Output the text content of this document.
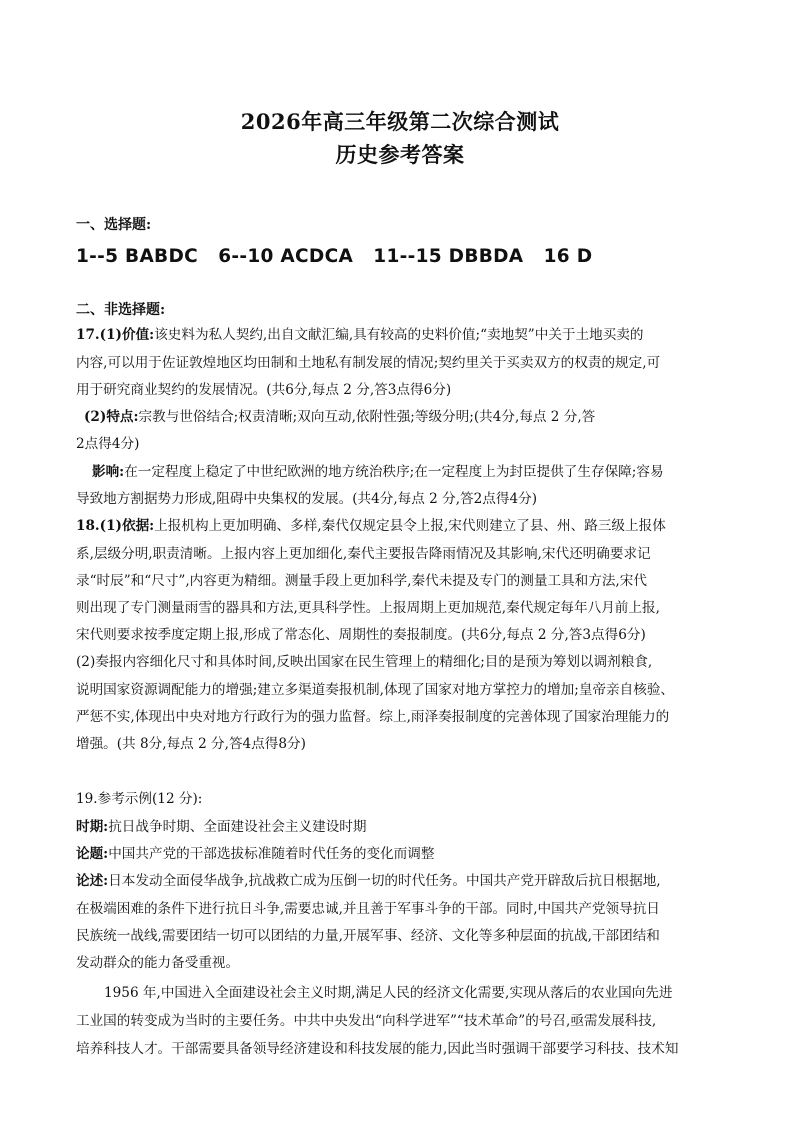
2026年高三年级第二次综合测试
历史参考答案
一、选择题:
1--5 BABDC   6--10 ACDCA   11--15 DBBDA   16 D
二、非选择题:
17.(1)价值:该史料为私人契约,出自文献汇编,具有较高的史料价值;“卖地契”中关于土地买卖的
内容,可以用于佐证敦煌地区均田制和土地私有制发展的情况;契约里关于买卖双方的权责的规定,可
用于研究商业契约的发展情况。(共6分,每点 2 分,答3点得6分)
(2)特点:宗教与世俗结合;权责清晰;双向互动,依附性强;等级分明;(共4分,每点 2 分,答
2点得4分)
影响:在一定程度上稳定了中世纪欧洲的地方统治秩序;在一定程度上为封臣提供了生存保障;容易
导致地方割据势力形成,阻碍中央集权的发展。(共4分,每点 2 分,答2点得4分)
18.(1)依据:上报机构上更加明确、多样,秦代仅规定县令上报,宋代则建立了县、州、路三级上报体
系,层级分明,职责清晰。上报内容上更加细化,秦代主要报告降雨情况及其影响,宋代还明确要求记
录“时辰”和“尺寸”,内容更为精细。测量手段上更加科学,秦代未提及专门的测量工具和方法,宋代
则出现了专门测量雨雪的器具和方法,更具科学性。上报周期上更加规范,秦代规定每年八月前上报,
宋代则要求按季度定期上报,形成了常态化、周期性的奏报制度。(共6分,每点 2 分,答3点得6分)
(2)奏报内容细化尺寸和具体时间,反映出国家在民生管理上的精细化;目的是预为筹划以调剂粮食,
说明国家资源调配能力的增强;建立多渠道奏报机制,体现了国家对地方掌控力的增加;皇帝亲自核验、
严惩不实,体现出中央对地方行政行为的强力监督。综上,雨泽奏报制度的完善体现了国家治理能力的
增强。(共 8分,每点 2 分,答4点得8分)
19.参考示例(12 分):
时期:抗日战争时期、全面建设社会主义建设时期
论题:中国共产党的干部选拔标准随着时代任务的变化而调整
论述:日本发动全面侵华战争,抗战救亡成为压倒一切的时代任务。中国共产党开辟敌后抗日根据地,
在极端困难的条件下进行抗日斗争,需要忠诚,并且善于军事斗争的干部。同时,中国共产党领导抗日
民族统一战线,需要团结一切可以团结的力量,开展军事、经济、文化等多种层面的抗战,干部团结和
发动群众的能力备受重视。
1956 年,中国进入全面建设社会主义时期,满足人民的经济文化需要,实现从落后的农业国向先进
工业国的转变成为当时的主要任务。中共中央发出“向科学进军”“技术革命”的号召,亟需发展科技,
培养科技人才。干部需要具备领导经济建设和科技发展的能力,因此当时强调干部要学习科技、技术知
